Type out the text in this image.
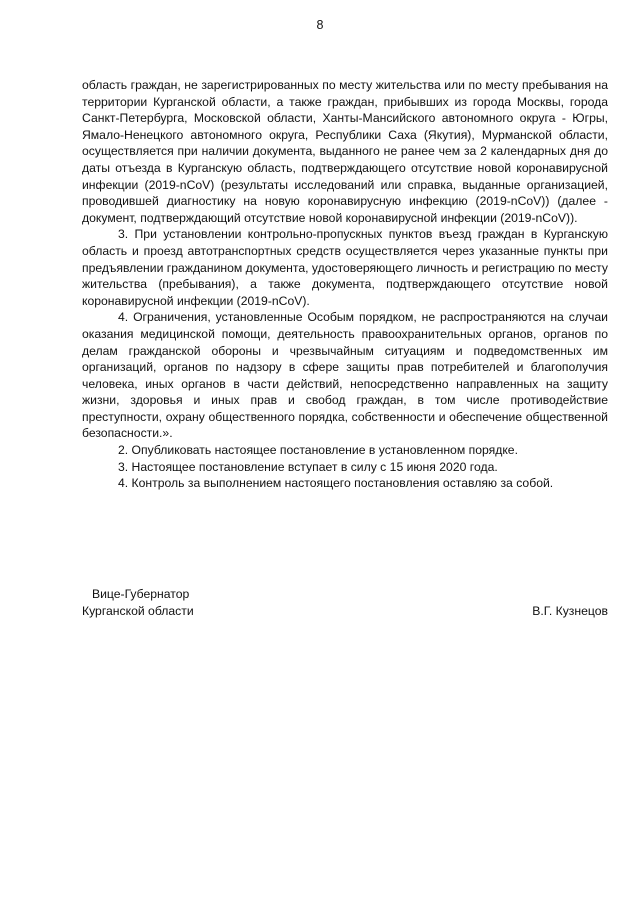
8

область граждан, не зарегистрированных по месту жительства или по месту пребывания на территории Курганской области, а также граждан, прибывших из города Москвы, города Санкт-Петербурга, Московской области, Ханты-Мансийского автономного округа - Югры, Ямало-Ненецкого автономного округа, Республики Саха (Якутия), Мурманской области, осуществляется при наличии документа, выданного не ранее чем за 2 календарных дня до даты отъезда в Курганскую область, подтверждающего отсутствие новой коронавирусной инфекции (2019-nCoV) (результаты исследований или справка, выданные организацией, проводившей диагностику на новую коронавирусную инфекцию (2019-nCoV)) (далее - документ, подтверждающий отсутствие новой коронавирусной инфекции (2019-nCoV)).

3. При установлении контрольно-пропускных пунктов въезд граждан в Курганскую область и проезд автотранспортных средств осуществляется через указанные пункты при предъявлении гражданином документа, удостоверяющего личность и регистрацию по месту жительства (пребывания), а также документа, подтверждающего отсутствие новой коронавирусной инфекции (2019-nCoV).

4. Ограничения, установленные Особым порядком, не распространяются на случаи оказания медицинской помощи, деятельность правоохранительных органов, органов по делам гражданской обороны и чрезвычайным ситуациям и подведомственных им организаций, органов по надзору в сфере защиты прав потребителей и благополучия человека, иных органов в части действий, непосредственно направленных на защиту жизни, здоровья и иных прав и свобод граждан, в том числе противодействие преступности, охрану общественного порядка, собственности и обеспечение общественной безопасности.».

2. Опубликовать настоящее постановление в установленном порядке.

3. Настоящее постановление вступает в силу с 15 июня 2020 года.

4. Контроль за выполнением настоящего постановления оставляю за собой.

Вице-Губернатор
Курганской области	В.Г. Кузнецов
